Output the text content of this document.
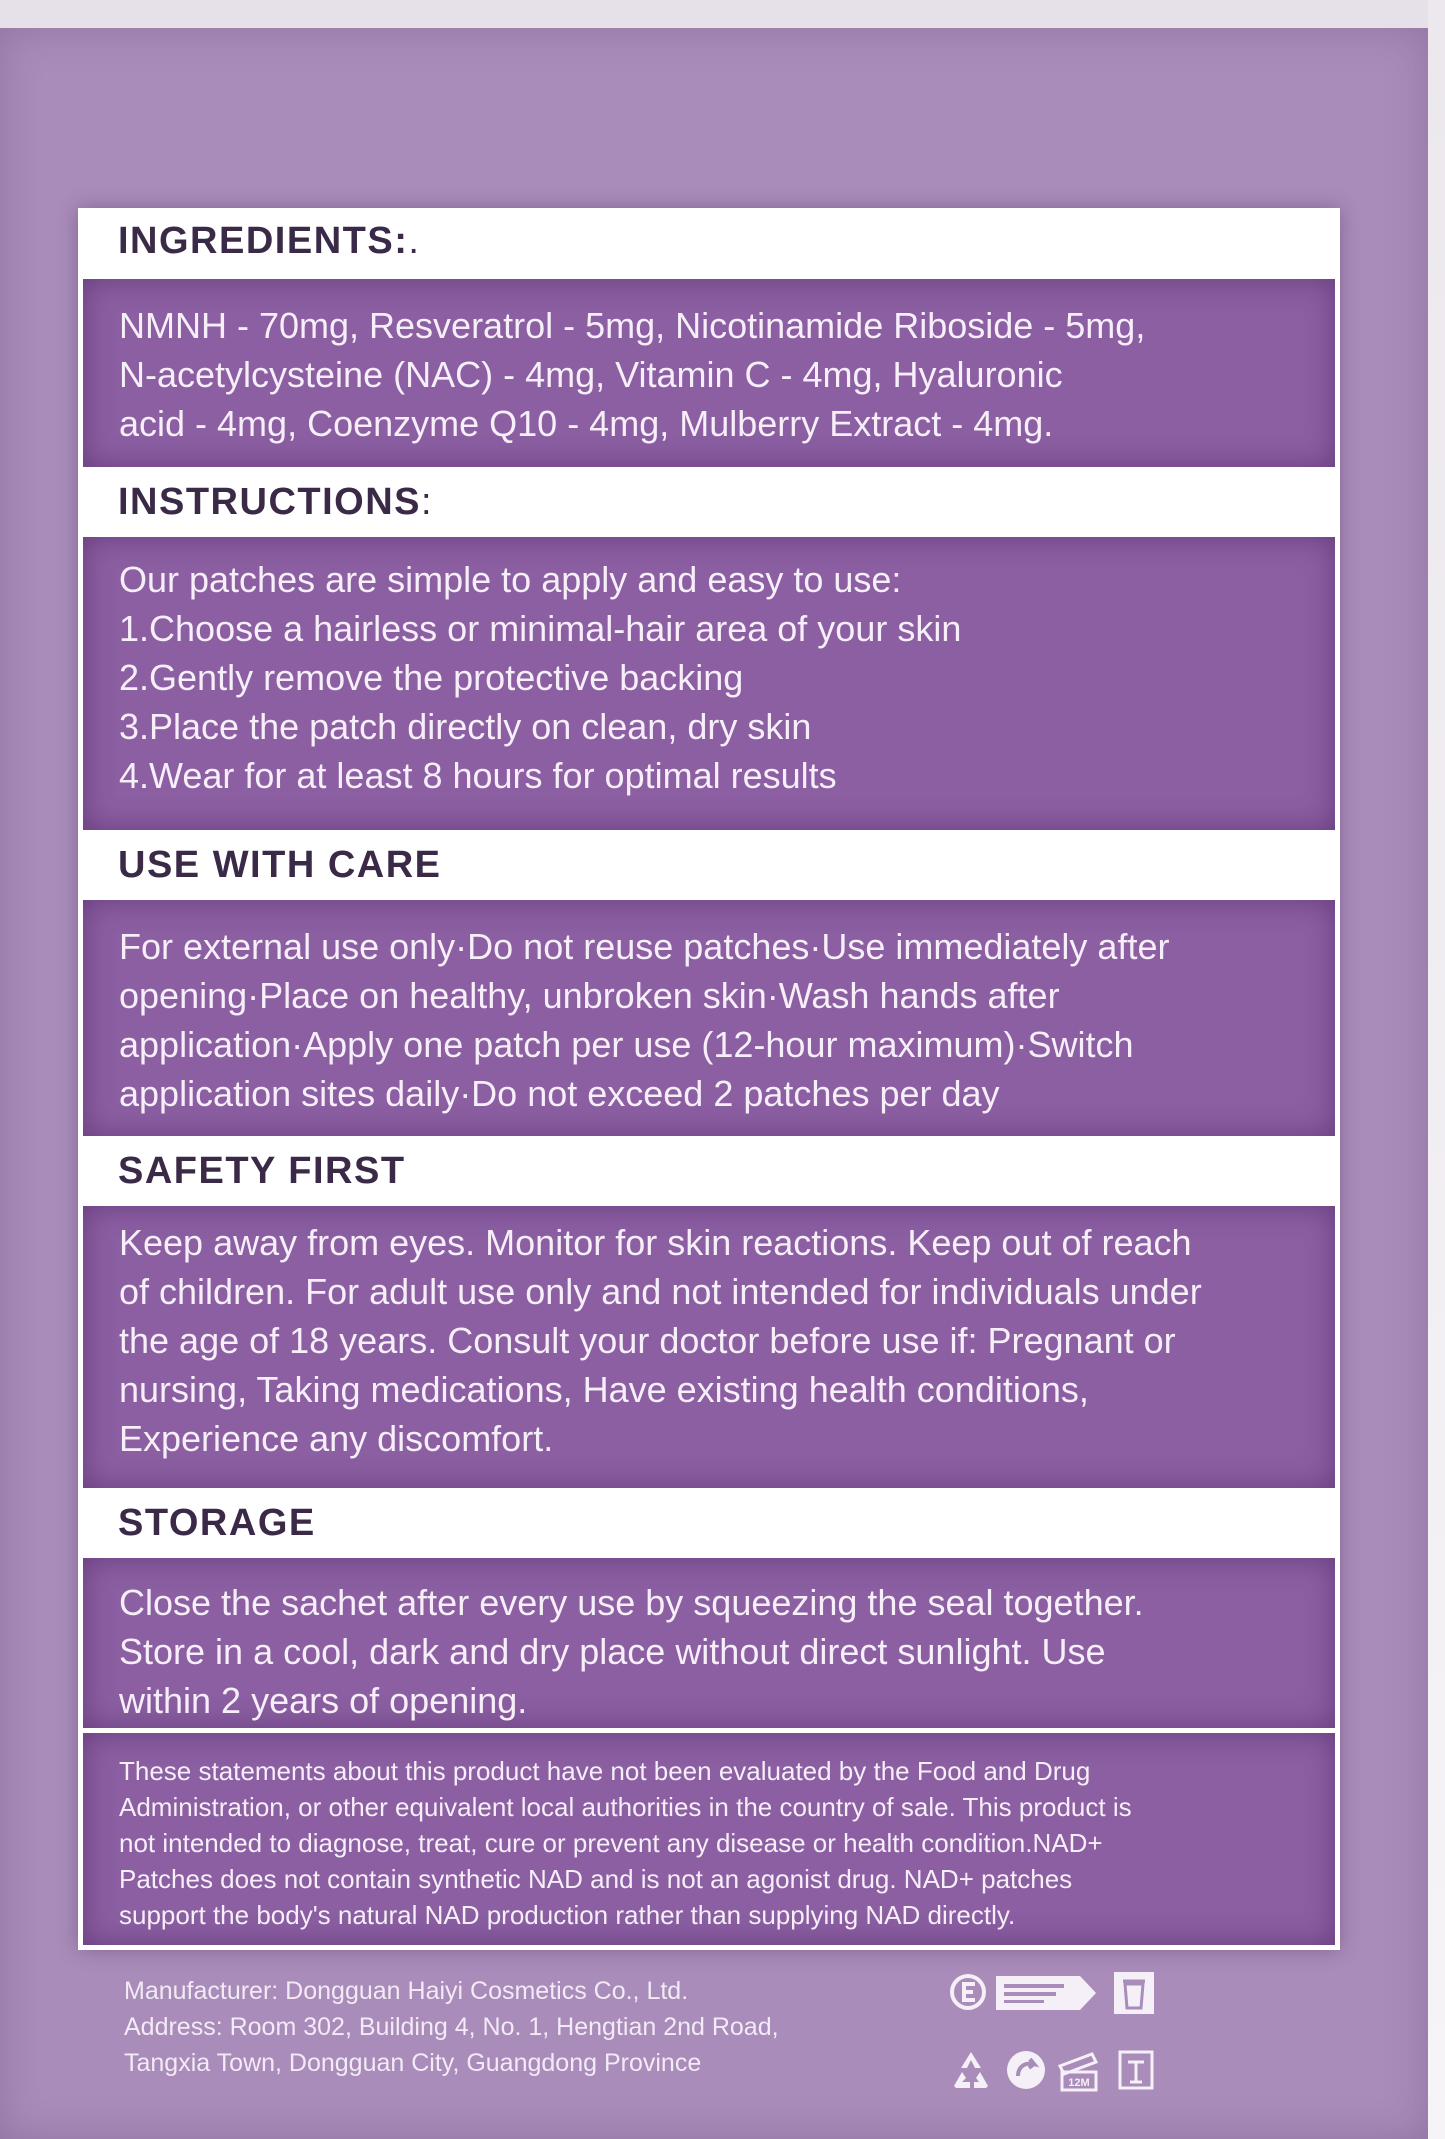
INGREDIENTS: .

NMNH - 70mg, Resveratrol - 5mg, Nicotinamide Riboside - 5mg,

N-acetylcysteine (NAC) - 4mg, Vitamin C - 4mg, Hyaluronic

acid - 4mg, Coenzyme Q10 - 4mg, Mulberry Extract - 4mg.

INSTRUCTIONS :

Our patches are simple to apply and easy to use:

1.Choose a hairless or minimal-hair area of your skin

2.Gently remove the protective backing

3.Place the patch directly on clean, dry skin

4.Wear for at least 8 hours for optimal results

USE WITH CARE

For external use only·Do not reuse patches·Use immediately after

opening·Place on healthy, unbroken skin·Wash hands after

application·Apply one patch per use (12-hour maximum)·Switch

application sites daily·Do not exceed 2 patches per day

SAFETY FIRST

Keep away from eyes. Monitor for skin reactions. Keep out of reach

of children. For adult use only and not intended for individuals under

the age of 18 years. Consult your doctor before use if: Pregnant or

nursing, Taking medications, Have existing health conditions,

Experience any discomfort.

STORAGE

Close the sachet after every use by squeezing the seal together.

Store in a cool, dark and dry place without direct sunlight. Use

within 2 years of opening.

These statements about this product have not been evaluated by the Food and Drug
Administration, or other equivalent local authorities in the country of sale. This product is
not intended to diagnose, treat, cure or prevent any disease or health condition.NAD+
Patches does not contain synthetic NAD and is not an agonist drug. NAD+ patches
support the body's natural NAD production rather than supplying NAD directly.

Manufacturer: Dongguan Haiyi Cosmetics Co., Ltd.

Address: Room 302, Building 4, No. 1, Hengtian 2nd Road,

Tangxia Town, Dongguan City, Guangdong Province

12M
